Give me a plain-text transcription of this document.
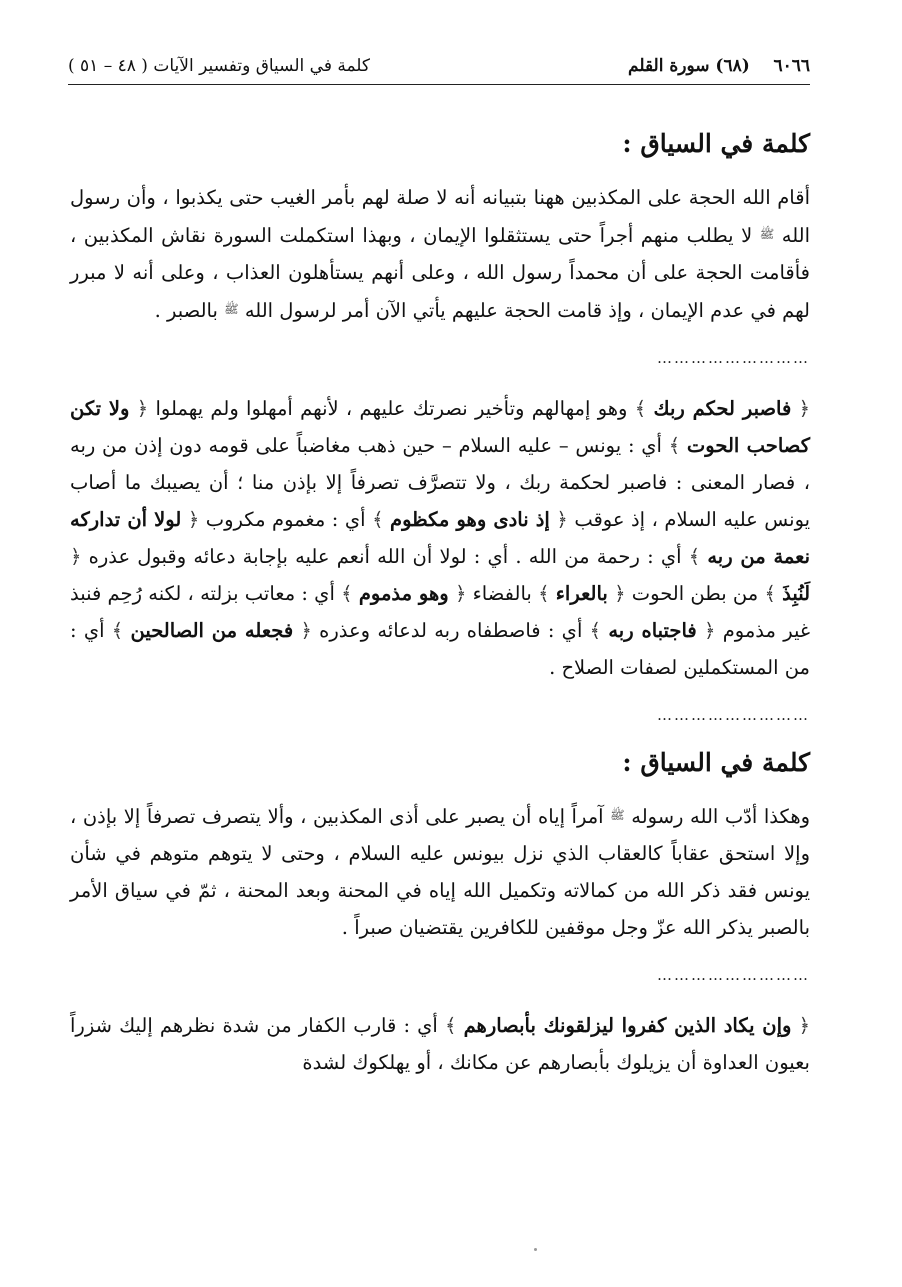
٦٠٦٦    (٦٨) سورة القلم
كلمة في السياق وتفسير الآيات ( ٤٨ – ٥١ )
كلمة في السياق :

أقام الله الحجة على المكذبين ههنا بتبيانه أنه لا صلة لهم بأمر الغيب حتى يكذبوا ، وأن رسول الله $^ﷺ$ لا يطلب منهم أجراً حتى يستثقلوا الإيمان ، وبهذا استكملت السورة نقاش المكذبين ، فأقامت الحجة على أن محمداً رسول الله ، وعلى أنهم يستأهلون العذاب ، وعلى أنه لا مبرر لهم في عدم الإيمان ، وإذ قامت الحجة عليهم يأتي الآن أمر لرسول الله $^ﷺ$ بالصبر .

………………………

﴿ فاصبر لحكم ربك ﴾ وهو إمهالهم وتأخير نصرتك عليهم ، لأنهم أمهلوا ولم يهملوا ﴿ ولا تكن كصاحب الحوت ﴾ أي : يونس – عليه السلام – حين ذهب مغاضباً على قومه دون إذن من ربه ، فصار المعنى : فاصبر لحكمة ربك ، ولا تتصرَّف تصرفاً إلا بإذن منا ؛ أن يصيبك ما أصاب يونس عليه السلام ، إذ عوقب ﴿ إذ نادى وهو مكظوم ﴾ أي : مغموم مكروب ﴿ لولا أن تداركه نعمة من ربه ﴾ أي : رحمة من الله . أي : لولا أن الله أنعم عليه بإجابة دعائه وقبول عذره ﴿ لَنُبِذَ ﴾ من بطن الحوت ﴿ بالعراء ﴾ بالفضاء ﴿ وهو مذموم ﴾ أي : معاتب بزلته ، لكنه رُحِم فنبذ غير مذموم ﴿ فاجتباه ربه ﴾ أي : فاصطفاه ربه لدعائه وعذره ﴿ فجعله من الصالحين ﴾ أي : من المستكملين لصفات الصلاح .

………………………
كلمة في السياق :

وهكذا أدّب الله رسوله $^ﷺ$ آمراً إياه أن يصبر على أذى المكذبين ، وألا يتصرف تصرفاً إلا بإذن ، وإلا استحق عقاباً كالعقاب الذي نزل بيونس عليه السلام ، وحتى لا يتوهم متوهم في شأن يونس فقد ذكر الله من كمالاته وتكميل الله إياه في المحنة وبعد المحنة ، ثمّ في سياق الأمر بالصبر يذكر الله عزّ وجل موقفين للكافرين يقتضيان صبراً .

………………………

﴿ وإن يكاد الذين كفروا ليزلقونك بأبصارهم ﴾ أي : قارب الكفار من شدة نظرهم إليك شزراً بعيون العداوة أن يزيلوك بأبصارهم عن مكانك ، أو يهلكوك لشدة
